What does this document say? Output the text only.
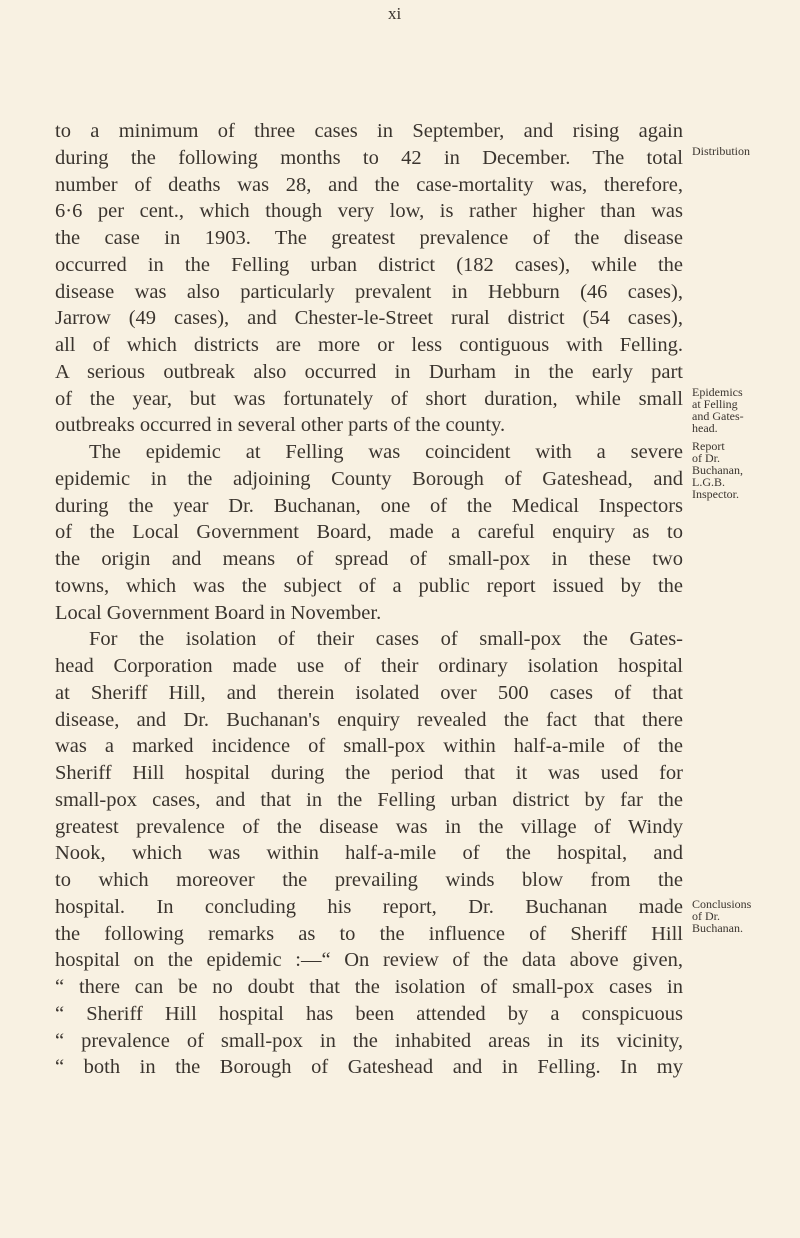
xi
to a minimum of three cases in September, and rising again
during the following months to 42 in December. The total
number of deaths was 28, and the case-mortality was, therefore,
6·6 per cent., which though very low, is rather higher than was
the case in 1903. The greatest prevalence of the disease
occurred in the Felling urban district (182 cases), while the
disease was also particularly prevalent in Hebburn (46 cases),
Jarrow (49 cases), and Chester-le-Street rural district (54 cases),
all of which districts are more or less contiguous with Felling.
A serious outbreak also occurred in Durham in the early part
of the year, but was fortunately of short duration, while small
outbreaks occurred in several other parts of the county.
The epidemic at Felling was coincident with a severe
epidemic in the adjoining County Borough of Gateshead, and
during the year Dr. Buchanan, one of the Medical Inspectors
of the Local Government Board, made a careful enquiry as to
the origin and means of spread of small-pox in these two
towns, which was the subject of a public report issued by the
Local Government Board in November.
For the isolation of their cases of small-pox the Gates-
head Corporation made use of their ordinary isolation hospital
at Sheriff Hill, and therein isolated over 500 cases of that
disease, and Dr. Buchanan's enquiry revealed the fact that there
was a marked incidence of small-pox within half-a-mile of the
Sheriff Hill hospital during the period that it was used for
small-pox cases, and that in the Felling urban district by far the
greatest prevalence of the disease was in the village of Windy
Nook, which was within half-a-mile of the hospital, and
to which moreover the prevailing winds blow from the
hospital. In concluding his report, Dr. Buchanan made
the following remarks as to the influence of Sheriff Hill
hospital on the epidemic :—“ On review of the data above given,
“ there can be no doubt that the isolation of small-pox cases in
“ Sheriff Hill hospital has been attended by a conspicuous
“ prevalence of small-pox in the inhabited areas in its vicinity,
“ both in the Borough of Gateshead and in Felling. In my
Distribution
Epidemics
at Felling
and Gates-
head.
Report
of Dr.
Buchanan,
L.G.B.
Inspector.
Conclusions
of Dr.
Buchanan.
